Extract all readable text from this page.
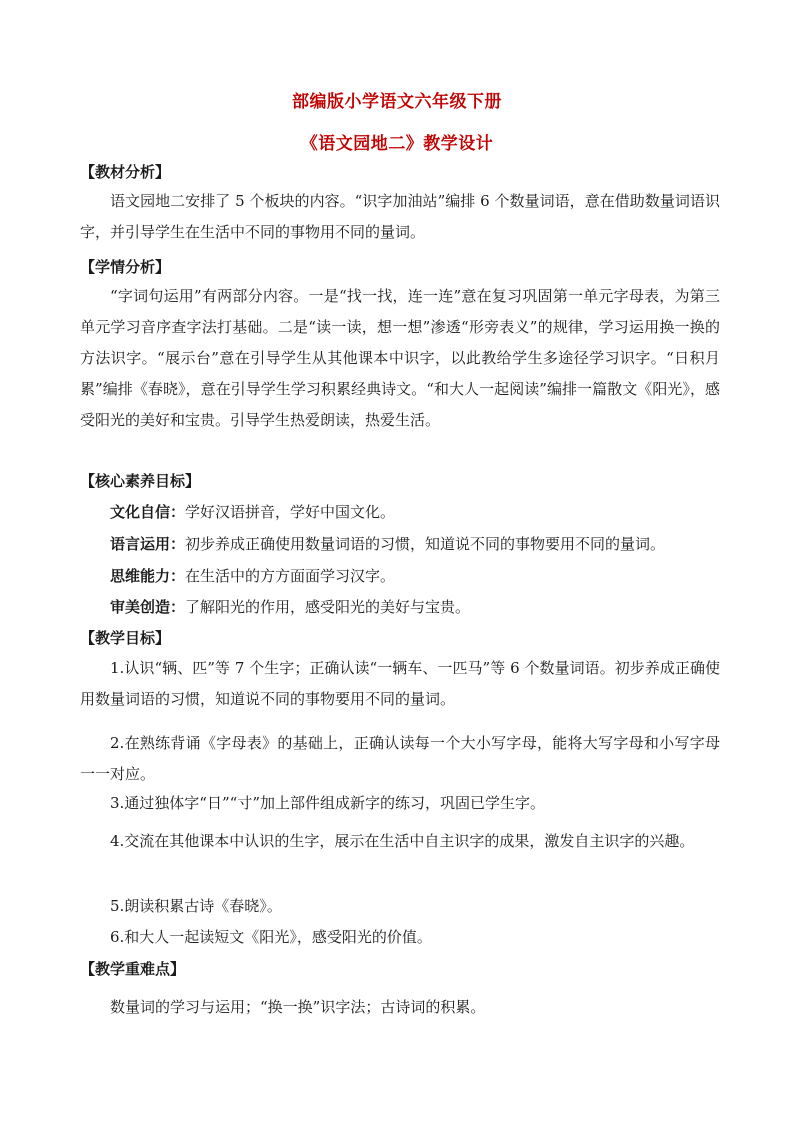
部编版小学语文六年级下册
《语文园地二》教学设计
【教材分析】

语文园地二安排了 5 个板块的内容。“识字加油站”编排 6 个数量词语，意在借助数量词语识字，并引导学生在生活中不同的事物用不同的量词。

【学情分析】

“字词句运用”有两部分内容。一是“找一找，连一连”意在复习巩固第一单元字母表，为第三单元学习音序查字法打基础。二是“读一读，想一想”渗透“形旁表义”的规律，学习运用换一换的方法识字。“展示台”意在引导学生从其他课本中识字，以此教给学生多途径学习识字。“日积月累”编排《春晓》，意在引导学生学习积累经典诗文。“和大人一起阅读”编排一篇散文《阳光》，感受阳光的美好和宝贵。引导学生热爱朗读，热爱生活。

【核心素养目标】

文化自信：学好汉语拼音，学好中国文化。

语言运用：初步养成正确使用数量词语的习惯，知道说不同的事物要用不同的量词。

思维能力：在生活中的方方面面学习汉字。

审美创造：了解阳光的作用，感受阳光的美好与宝贵。

【教学目标】

1.认识“辆、匹”等 7 个生字；正确认读“一辆车、一匹马”等 6 个数量词语。初步养成正确使用数量词语的习惯，知道说不同的事物要用不同的量词。

2.在熟练背诵《字母表》的基础上，正确认读每一个大小写字母，能将大写字母和小写字母一一对应。

3.通过独体字“日”“寸”加上部件组成新字的练习，巩固已学生字。

4.交流在其他课本中认识的生字，展示在生活中自主识字的成果，激发自主识字的兴趣。

5.朗读积累古诗《春晓》。

6.和大人一起读短文《阳光》，感受阳光的价值。

【教学重难点】

数量词的学习与运用；“换一换”识字法；古诗词的积累。
